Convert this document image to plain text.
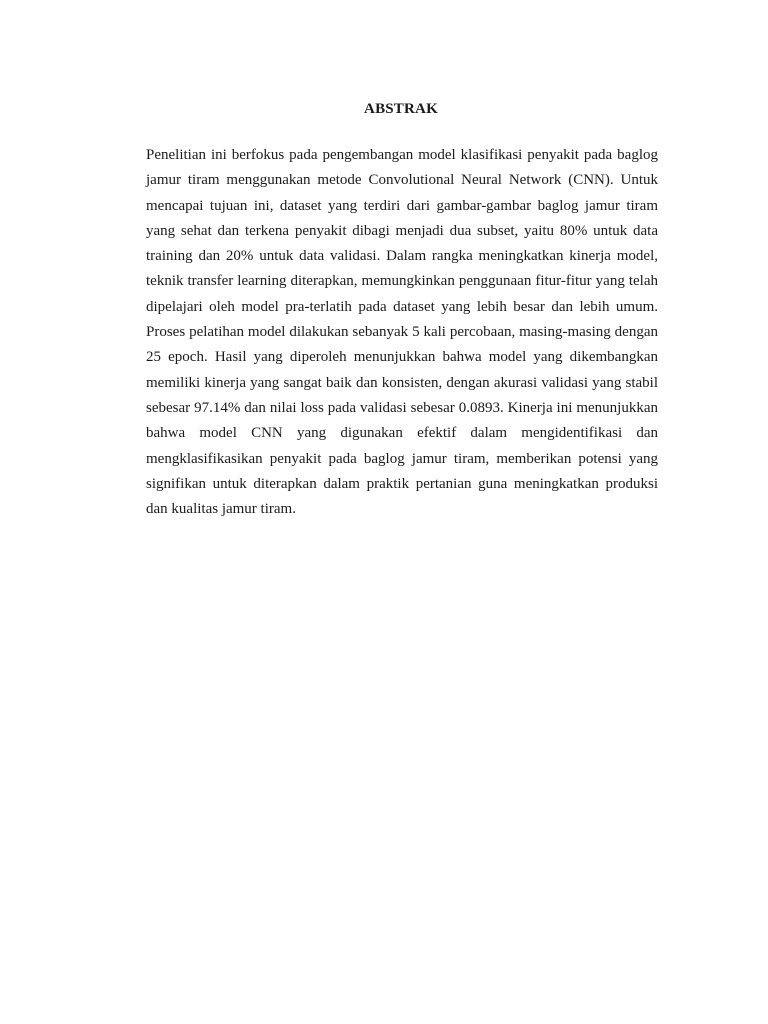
ABSTRAK

Penelitian ini berfokus pada pengembangan model klasifikasi penyakit pada baglog jamur tiram menggunakan metode Convolutional Neural Network (CNN). Untuk mencapai tujuan ini, dataset yang terdiri dari gambar-gambar baglog jamur tiram yang sehat dan terkena penyakit dibagi menjadi dua subset, yaitu 80% untuk data training dan 20% untuk data validasi. Dalam rangka meningkatkan kinerja model, teknik transfer learning diterapkan, memungkinkan penggunaan fitur-fitur yang telah dipelajari oleh model pra-terlatih pada dataset yang lebih besar dan lebih umum. Proses pelatihan model dilakukan sebanyak 5 kali percobaan, masing-masing dengan 25 epoch. Hasil yang diperoleh menunjukkan bahwa model yang dikembangkan memiliki kinerja yang sangat baik dan konsisten, dengan akurasi validasi yang stabil sebesar 97.14% dan nilai loss pada validasi sebesar 0.0893. Kinerja ini menunjukkan bahwa model CNN yang digunakan efektif dalam mengidentifikasi dan mengklasifikasikan penyakit pada baglog jamur tiram, memberikan potensi yang signifikan untuk diterapkan dalam praktik pertanian guna meningkatkan produksi dan kualitas jamur tiram.
